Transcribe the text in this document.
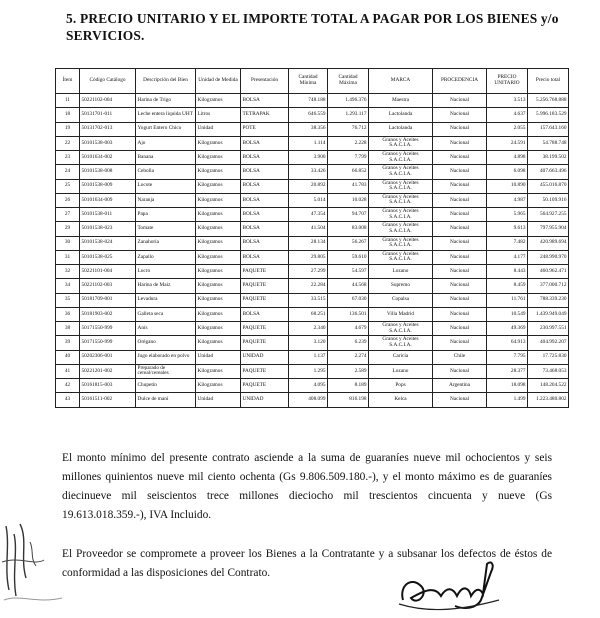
5. PRECIO UNITARIO Y EL IMPORTE TOTAL A PAGAR POR LOS BIENES y/o SERVICIOS.
Ítem	Código Catálogo	Descripción del Bien	Unidad de Medida	Presentación	Cantidad Mínima	Cantidad Máxima	MARCA	PROCEDENCIA	PRECIO UNITARIO	Precio total
11	50221102-004	Harina de Trigo	Kilogramos	BOLSA	748.188	1.496.376	Maestra	Nacional	3.513	5.256.768.888
18	50131701-011	Leche entera liquida UHT	Litros	TETRAPAK	646.559	1.293.117	Lactolanda	Nacional	4.637	5.996.183.529
19	50131702-013	Yogurt Entero Chico	Unidad	POTE	38.356	76.712	Lactolanda	Nacional	2.055	157.643.160
22	50101538-003	Ajo	Kilogramos	BOLSA	1.114	2.228	Granos y Aceites S.A.C.I.A.	Nacional	24.591	54.788.748
23	50101634-002	Banana	Kilogramos	BOLSA	3.900	7.799	Granos y Aceites S.A.C.I.A.	Nacional	4.898	38.199.502
24	50101538-008	Cebolla	Kilogramos	BOLSA	33.426	66.852	Granos y Aceites S.A.C.I.A.	Nacional	6.098	407.663.496
25	50101538-009	Locote	Kilogramos	BOLSA	20.892	41.783	Granos y Aceites S.A.C.I.A.	Nacional	10.890	455.016.870
26	50101634-009	Naranja	Kilogramos	BOLSA	5.014	10.028	Granos y Aceites S.A.C.I.A.	Nacional	4.987	50.109.916
27	50101538-011	Papa	Kilogramos	BOLSA	47.354	94.707	Granos y Aceites S.A.C.I.A.	Nacional	5.965	564.927.255
29	50101538-023	Tomate	Kilogramos	BOLSA	41.504	83.008	Granos y Aceites S.A.C.I.A.	Nacional	9.613	797.955.904
30	50101538-024	Zanahoria	Kilogramos	BOLSA	28.134	56.267	Granos y Aceites S.A.C.I.A.	Nacional	7.482	420.989.694
31	50101538-025	Zapallo	Kilogramos	BOLSA	29.805	59.610	Granos y Aceites S.A.C.I.A.	Nacional	4.177	248.990.970
32	50221101-004	Locro	Kilogramos	PAQUETE	27.299	54.597	Lozano	Nacional	8.443	460.962.471
34	50221102-003	Harina de Maiz	Kilogramos	PAQUETE	22.284	44.568	Supremo	Nacional	8.459	377.000.712
35	50181709-001	Levadura	Kilogramos	PAQUETE	33.515	67.030	Copalsa	Nacional	11.761	788.339.230
36	50181903-002	Galleta seca	Kilogramos	BOLSA	68.251	136.501	Villa Madrid	Nacional	10.549	1.439.949.049
38	50171550-999	Anís	Kilogramos	PAQUETE	2.340	4.679	Granos y Aceites S.A.C.I.A.	Nacional	49.369	230.997.551
39	50171550-999	Orégano	Kilogramos	PAQUETE	3.120	6.239	Granos y Aceites S.A.C.I.A.	Nacional	64.913	404.992.207
40	50202306-001	Jugo elaborado en polvo	Unidad	UNIDAD	1.137	2.274	Caricia	Chile	7.795	17.725.830
41	50221201-002	Preparado de cereal/cereales	Kilogramos	PAQUETE	1.295	2.589	Lozano	Nacional	28.377	73.468.053
42	50161815-003	Chupetín	Kilogramos	PAQUETE	4.095	8.189	Pops	Argentina	18.098	148.204.522
43	50161511-002	Dulce de maní	Unidad	UNIDAD	408.099	816.198	Kelca	Nacional	1.499	1.223.480.802
El monto mínimo del presente contrato asciende a la suma de guaraníes nueve mil ochocientos y seis millones quinientos nueve mil ciento ochenta (Gs 9.806.509.180.-), y el monto máximo es de guaraníes diecinueve mil seiscientos trece millones dieciocho mil trescientos cincuenta y nueve (Gs 19.613.018.359.-), IVA Incluido.
El Proveedor se compromete a proveer los Bienes a la Contratante y a subsanar los defectos de éstos de conformidad a las disposiciones del Contrato.
